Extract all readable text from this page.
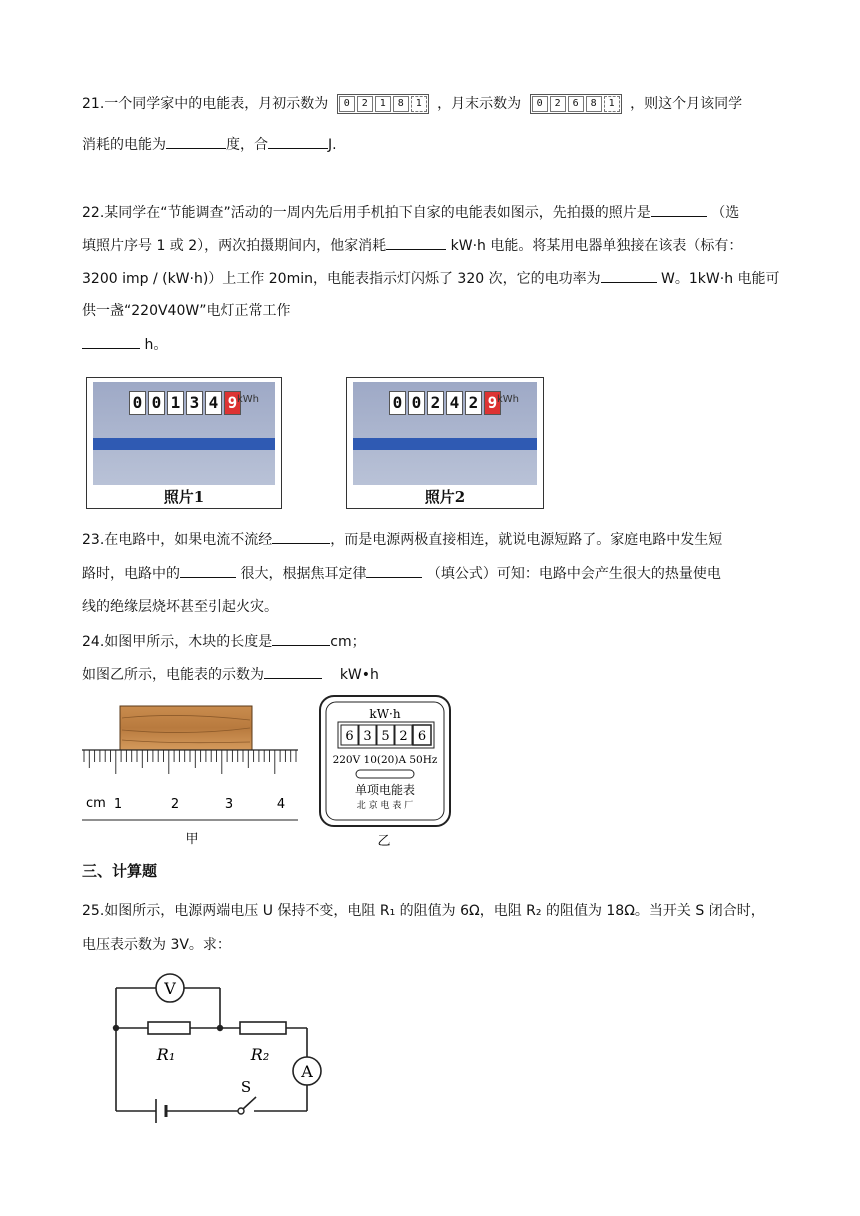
21.一个同学家中的电能表，月初示数为	0	2	1	8	1	，月末示数为	0	2	6	8	1	，则这个月该同学
消耗的电能为	度，合	J.
22.某同学在“节能调查”活动的一周内先后用手机拍下自家的电能表如图示，先拍摄的照片是	（选
填照片序号 1 或 2），两次拍摄期间内，他家消耗	kW·h 电能。将某用电器单独接在该表（标有：
3200 imp / (kW·h)）上工作 20min，电能表指示灯闪烁了 320 次，它的电功率为	W。1kW·h 电能可
供一盏“220V40W”电灯正常工作
h。
0 0 1 3 4 9 kWh
照片1
0 0 2 4 2 9 kWh
照片2
23.在电路中，如果电流不流经	，而是电源两极直接相连，就说电源短路了。家庭电路中发生短
路时，电路中的	很大，根据焦耳定律	（填公式）可知：电路中会产生很大的热量使电
线的绝缘层烧坏甚至引起火灾。
24.如图甲所示，木块的长度是	cm；
如图乙所示，电能表的示数为	kW•h
cm 1	2	3	4
甲
kW·h
6 3 5 2 6
220V 10(20)A 50Hz
单项电能表
北 京 电 表 厂
乙
三、计算题
25.如图所示，电源两端电压 U 保持不变，电阻 R₁ 的阻值为 6Ω，电阻 R₂ 的阻值为 18Ω。当开关 S 闭合时，
电压表示数为 3V。求：
V
R₁	R₂
A
S
